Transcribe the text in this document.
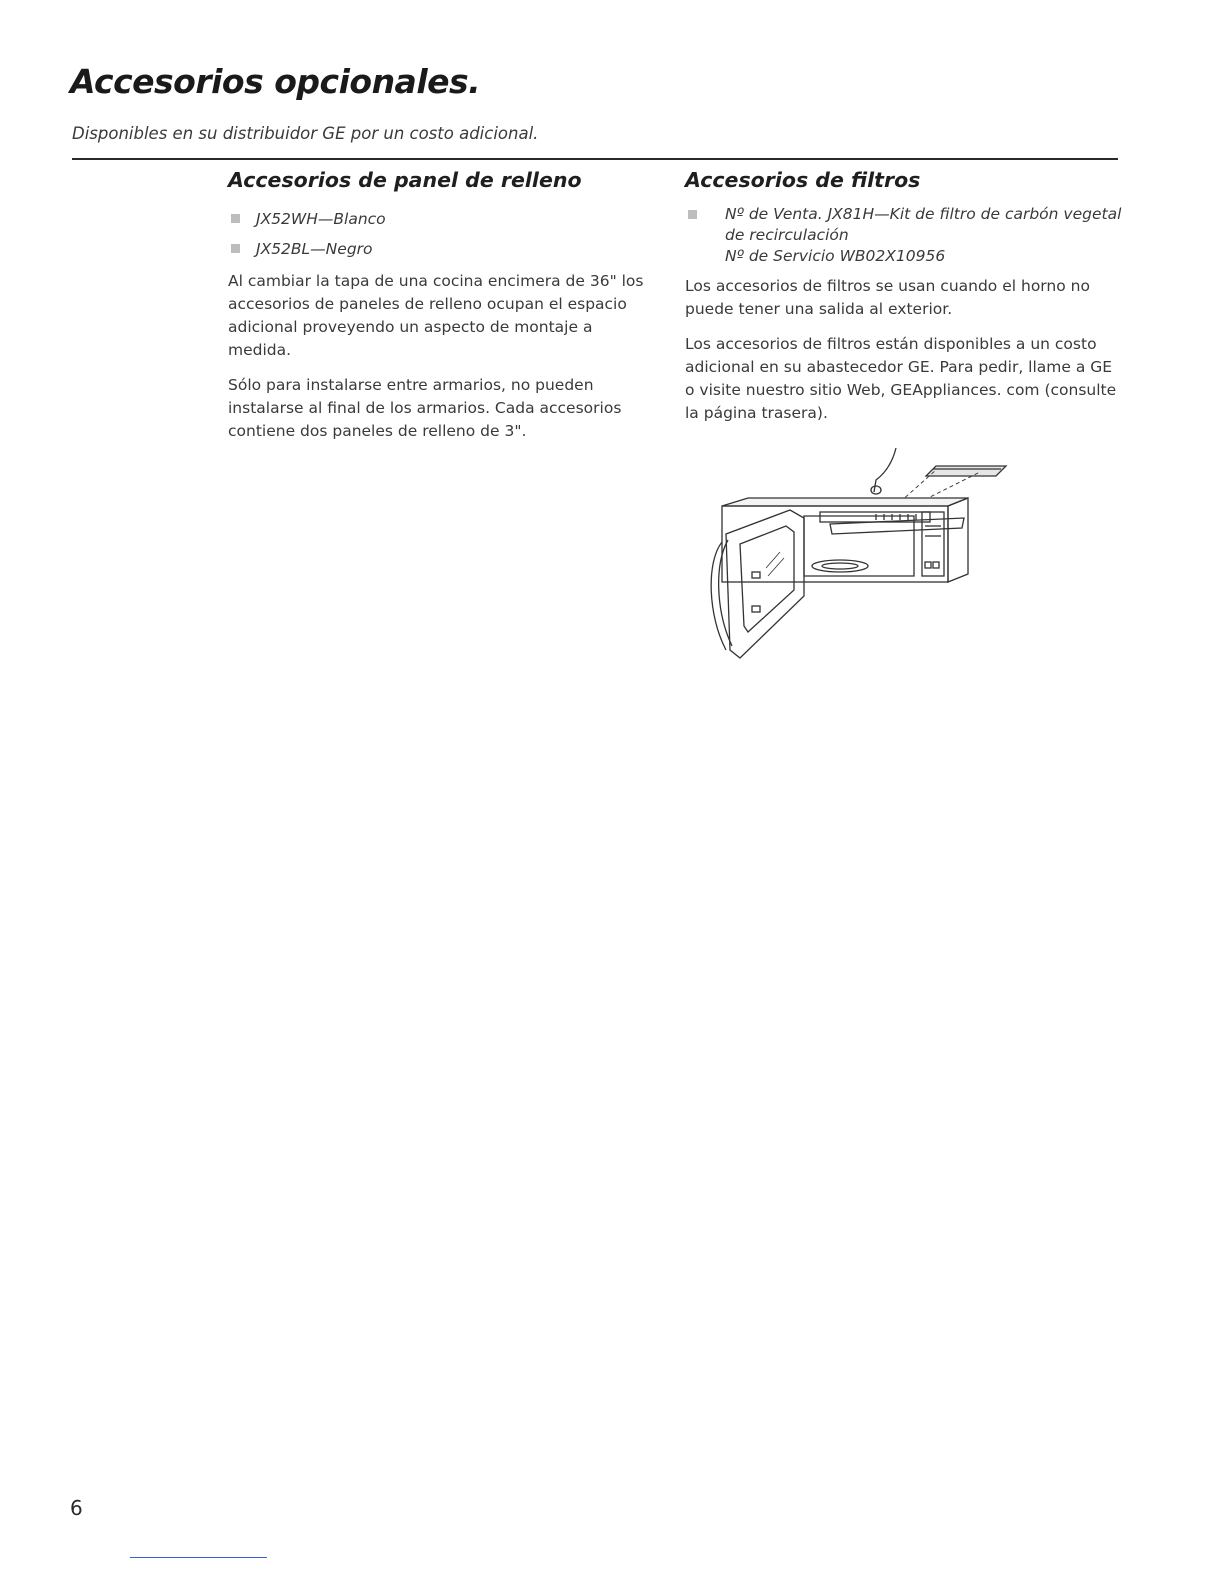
Accesorios opcionales.

Disponibles en su distribuidor GE por un costo adicional.

Accesorios de panel de relleno
JX52WH—Blanco
JX52BL—Negro

Al cambiar la tapa de una cocina encimera de 36" los accesorios de paneles de relleno ocupan el espacio adicional proveyendo un aspecto de montaje a medida.

Sólo para instalarse entre armarios, no pueden instalarse al final de los armarios. Cada accesorios contiene dos paneles de relleno de 3".

Accesorios de filtros
Nº de Venta. JX81H—Kit de filtro de carbón vegetal de recirculación
Nº de Servicio WB02X10956

Los accesorios de filtros se usan cuando el horno no puede tener una salida al exterior.

Los accesorios de filtros están disponibles a un costo adicional en su abastecedor GE. Para pedir, llame a GE o visite nuestro sitio Web, GEAppliances. com (consulte la página trasera).

6
